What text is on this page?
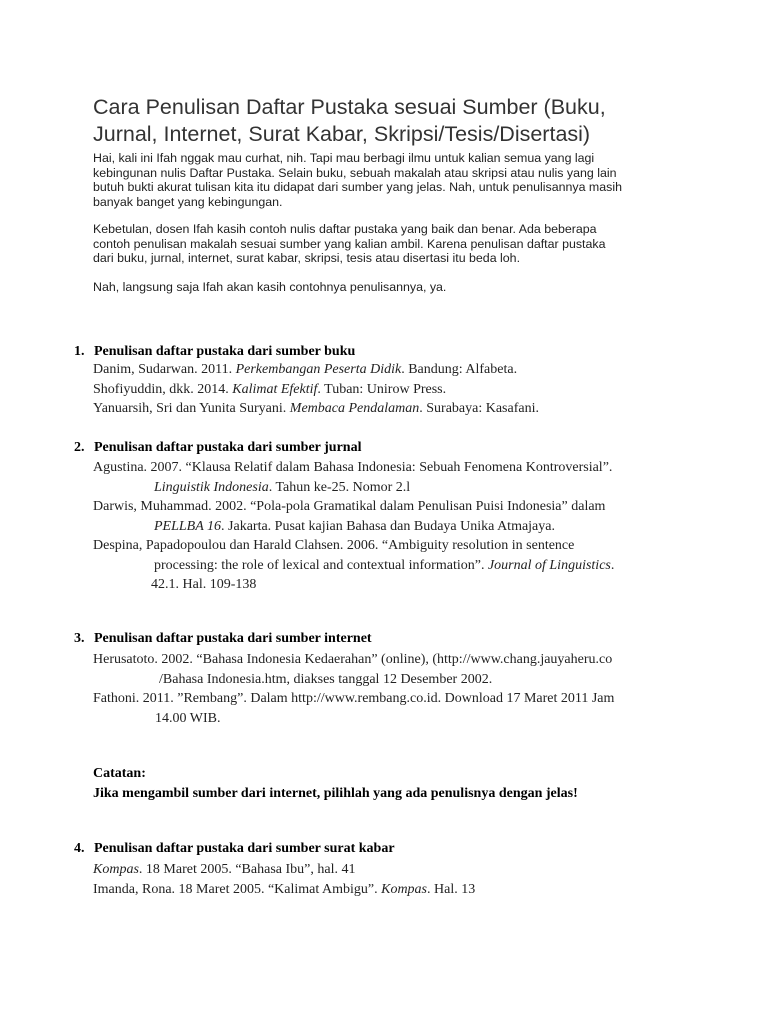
Cara Penulisan Daftar Pustaka sesuai Sumber (Buku,
Jurnal, Internet, Surat Kabar, Skripsi/Tesis/Disertasi)
Hai, kali ini Ifah nggak mau curhat, nih. Tapi mau berbagi ilmu untuk kalian semua yang lagi
kebingunan nulis Daftar Pustaka. Selain buku, sebuah makalah atau skripsi atau nulis yang lain
butuh bukti akurat tulisan kita itu didapat dari sumber yang jelas. Nah, untuk penulisannya masih
banyak banget yang kebingungan.
Kebetulan, dosen Ifah kasih contoh nulis daftar pustaka yang baik dan benar. Ada beberapa
contoh penulisan makalah sesuai sumber yang kalian ambil. Karena penulisan daftar pustaka
dari buku, jurnal, internet, surat kabar, skripsi, tesis atau disertasi itu beda loh.
Nah, langsung saja Ifah akan kasih contohnya penulisannya, ya.
1. Penulisan daftar pustaka dari sumber buku
Danim, Sudarwan. 2011. Perkembangan Peserta Didik. Bandung: Alfabeta.
Shofiyuddin, dkk. 2014. Kalimat Efektif. Tuban: Unirow Press.
Yanuarsih, Sri dan Yunita Suryani. Membaca Pendalaman. Surabaya: Kasafani.
2. Penulisan daftar pustaka dari sumber jurnal
Agustina. 2007. “Klausa Relatif dalam Bahasa Indonesia: Sebuah Fenomena Kontroversial”.
Linguistik Indonesia. Tahun ke-25. Nomor 2.l
Darwis, Muhammad. 2002. “Pola-pola Gramatikal dalam Penulisan Puisi Indonesia” dalam
PELLBA 16. Jakarta. Pusat kajian Bahasa dan Budaya Unika Atmajaya.
Despina, Papadopoulou dan Harald Clahsen. 2006. “Ambiguity resolution in sentence
processing: the role of lexical and contextual information”. Journal of Linguistics.
42.1. Hal. 109-138
3. Penulisan daftar pustaka dari sumber internet
Herusatoto. 2002. “Bahasa Indonesia Kedaerahan” (online), (http://www.chang.jauyaheru.co
/Bahasa Indonesia.htm, diakses tanggal 12 Desember 2002.
Fathoni. 2011. ”Rembang”. Dalam http://www.rembang.co.id. Download 17 Maret 2011 Jam
14.00 WIB.
Catatan:
Jika mengambil sumber dari internet, pilihlah yang ada penulisnya dengan jelas!
4. Penulisan daftar pustaka dari sumber surat kabar
Kompas. 18 Maret 2005. “Bahasa Ibu”, hal. 41
Imanda, Rona. 18 Maret 2005. “Kalimat Ambigu”. Kompas. Hal. 13
